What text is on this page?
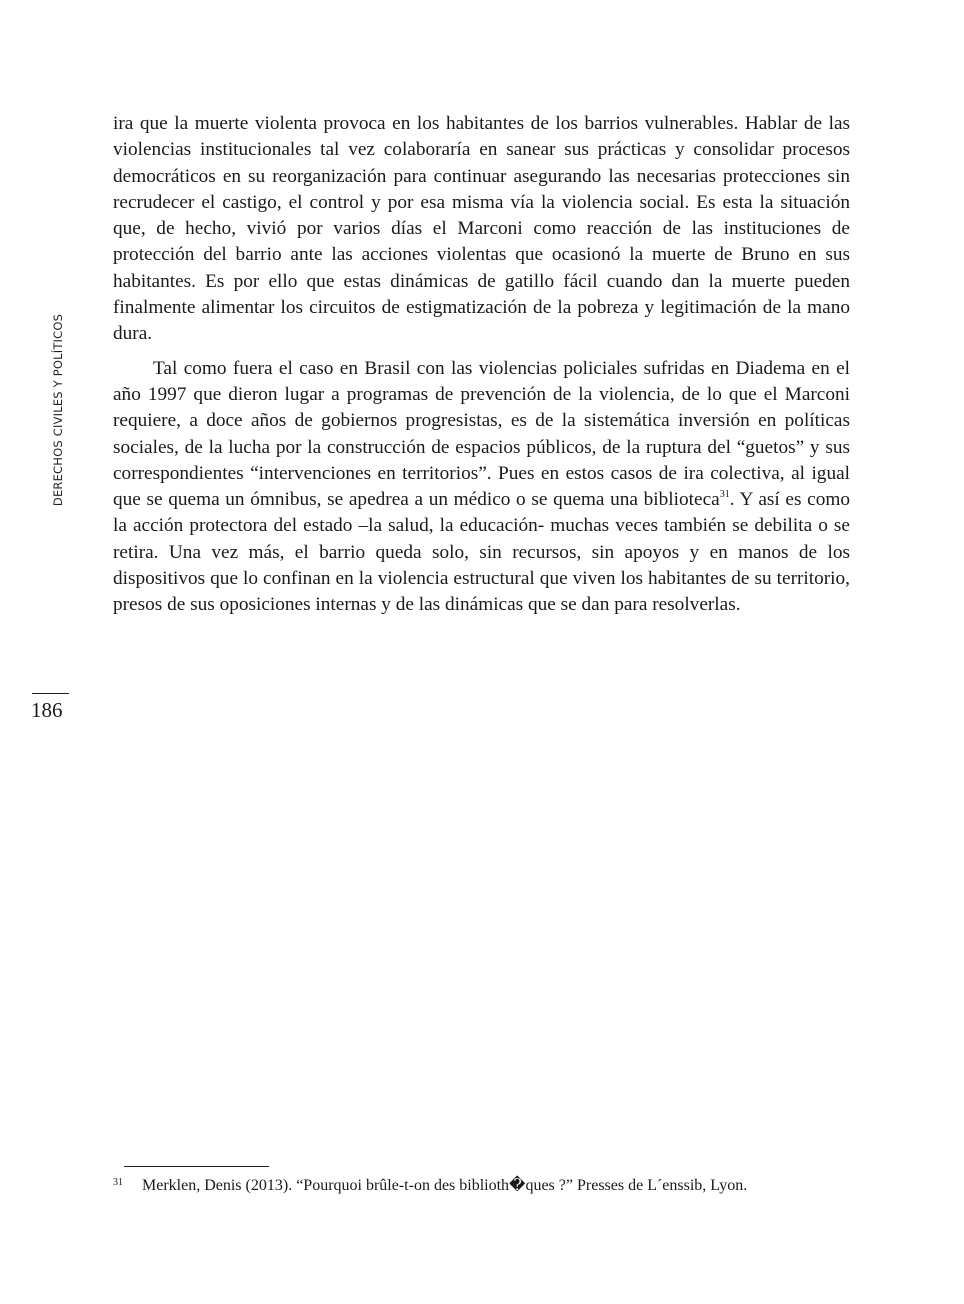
DERECHOS CIVILES Y POLÍTICOS
186

ira que la muerte violenta provoca en los habitantes de los barrios vulnerables. Hablar de las violencias institucionales tal vez colaboraría en sanear sus prácticas y consolidar procesos democráticos en su reorganización para continuar asegurando las necesarias protecciones sin recrudecer el castigo, el control y por esa misma vía la violencia social. Es esta la situación que, de hecho, vivió por varios días el Marconi como reacción de las instituciones de protección del barrio ante las acciones violentas que ocasionó la muerte de Bruno en sus habitantes. Es por ello que estas dinámicas de gatillo fácil cuando dan la muerte pueden finalmente alimentar los circuitos de estigmatización de la pobreza y legitimación de la mano dura.

Tal como fuera el caso en Brasil con las violencias policiales sufridas en Diadema en el año 1997 que dieron lugar a programas de prevención de la violencia, de lo que el Marconi requiere, a doce años de gobiernos progresistas, es de la sistemática inversión en políticas sociales, de la lucha por la construcción de espacios públicos, de la ruptura del “guetos” y sus correspondientes “intervenciones en territorios”. Pues en estos casos de ira colectiva, al igual que se quema un ómnibus, se apedrea a un médico o se quema una biblioteca$^{31}$. Y así es como la acción protectora del estado –la salud, la educación- muchas veces también se debilita o se retira. Una vez más, el barrio queda solo, sin recursos, sin apoyos y en manos de los dispositivos que lo confinan en la violencia estructural que viven los habitantes de su territorio, presos de sus oposiciones internas y de las dinámicas que se dan para resolverlas.

31 Merklen, Denis (2013). “Pourquoi brûle-t-on des biblioth�ques ?” Presses de L´enssib, Lyon.
